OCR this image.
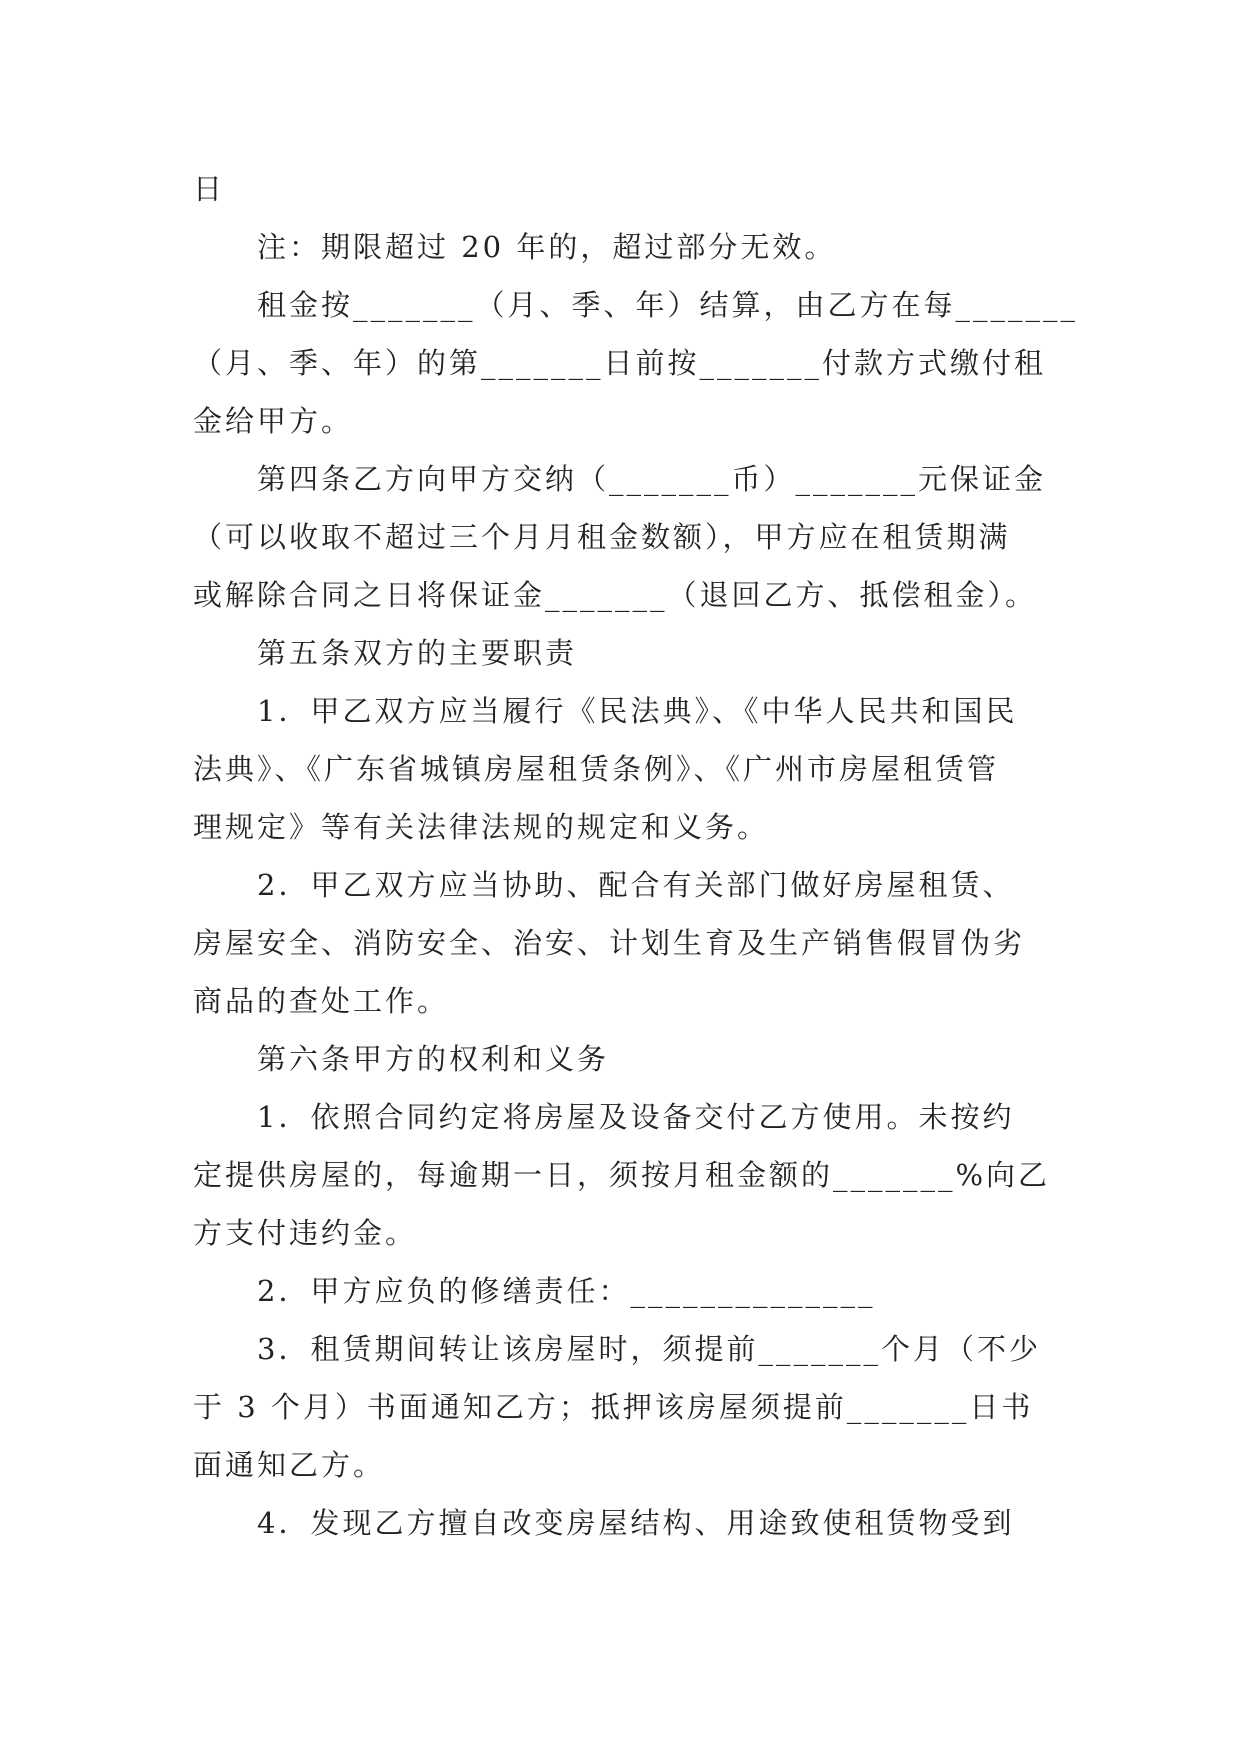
日
注：期限超过 20 年的，超过部分无效。
租金按_______（月、季、年）结算，由乙方在每_______
（月、季、年）的第_______日前按_______付款方式缴付租
金给甲方。
第四条乙方向甲方交纳（_______币）_______元保证金
（可以收取不超过三个月月租金数额），甲方应在租赁期满
或解除合同之日将保证金_______（退回乙方、抵偿租金）。
第五条双方的主要职责
1．甲乙双方应当履行《民法典》、《中华人民共和国民
法典》、《广东省城镇房屋租赁条例》、《广州市房屋租赁管
理规定》等有关法律法规的规定和义务。
2．甲乙双方应当协助、配合有关部门做好房屋租赁、
房屋安全、消防安全、治安、计划生育及生产销售假冒伪劣
商品的查处工作。
第六条甲方的权利和义务
1．依照合同约定将房屋及设备交付乙方使用。未按约
定提供房屋的，每逾期一日，须按月租金额的_______%向乙
方支付违约金。
2．甲方应负的修缮责任：______________
3．租赁期间转让该房屋时，须提前_______个月（不少
于 3 个月）书面通知乙方；抵押该房屋须提前_______日书
面通知乙方。
4．发现乙方擅自改变房屋结构、用途致使租赁物受到
